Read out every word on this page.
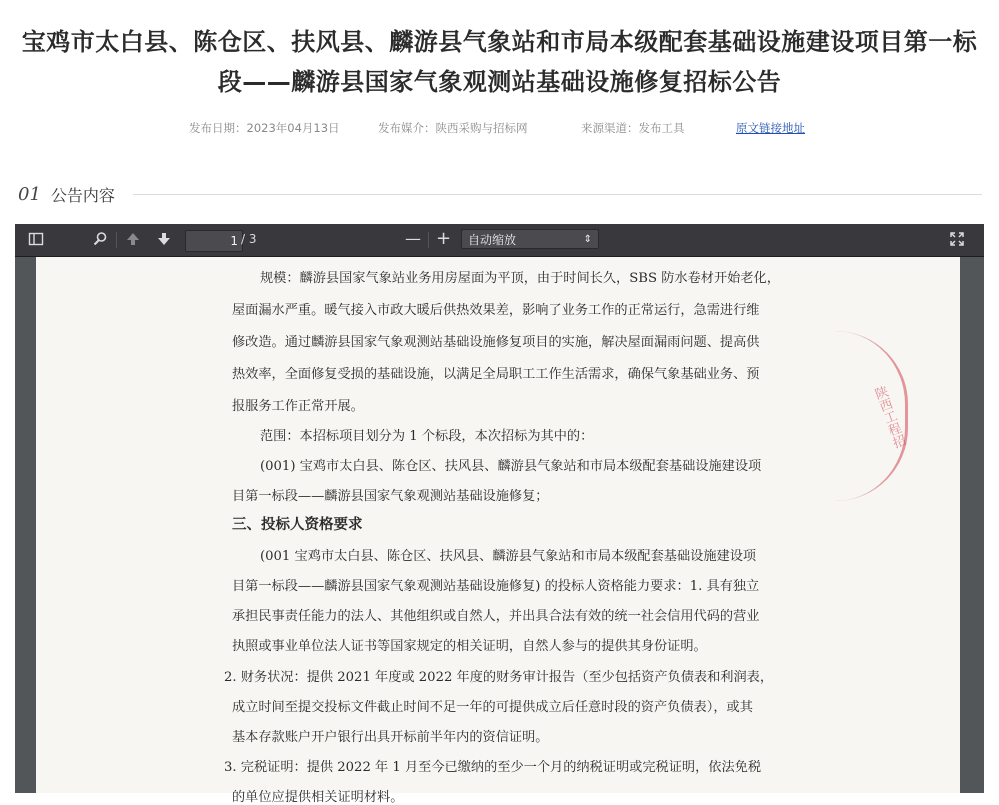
宝鸡市太白县、陈仓区、扶风县、麟游县气象站和市局本级配套基础设施建设项目第一标
段——麟游县国家气象观测站基础设施修复招标公告
发布日期：2023年04月13日	发布媒介：陕西采购与招标网	来源渠道：发布工具	原文链接地址
01 公告内容
1
/ 3	— +	自动缩放	⇕
陕西工程招

规模：麟游县国家气象站业务用房屋面为平顶，由于时间长久，SBS 防水卷材开始老化，

屋面漏水严重。暖气接入市政大暖后供热效果差，影响了业务工作的正常运行，急需进行维

修改造。通过麟游县国家气象观测站基础设施修复项目的实施，解决屋面漏雨问题、提高供

热效率，全面修复受损的基础设施，以满足全局职工工作生活需求，确保气象基础业务、预

报服务工作正常开展。

范围：本招标项目划分为 1 个标段，本次招标为其中的：

(001) 宝鸡市太白县、陈仓区、扶风县、麟游县气象站和市局本级配套基础设施建设项

目第一标段——麟游县国家气象观测站基础设施修复；

三、投标人资格要求

(001 宝鸡市太白县、陈仓区、扶风县、麟游县气象站和市局本级配套基础设施建设项

目第一标段——麟游县国家气象观测站基础设施修复) 的投标人资格能力要求：1. 具有独立

承担民事责任能力的法人、其他组织或自然人，并出具合法有效的统一社会信用代码的营业

执照或事业单位法人证书等国家规定的相关证明，自然人参与的提供其身份证明。

2. 财务状况：提供 2021 年度或 2022 年度的财务审计报告（至少包括资产负债表和利润表，

成立时间至提交投标文件截止时间不足一年的可提供成立后任意时段的资产负债表），或其

基本存款账户开户银行出具开标前半年内的资信证明。

3. 完税证明：提供 2022 年 1 月至今已缴纳的至少一个月的纳税证明或完税证明，依法免税

的单位应提供相关证明材料。
